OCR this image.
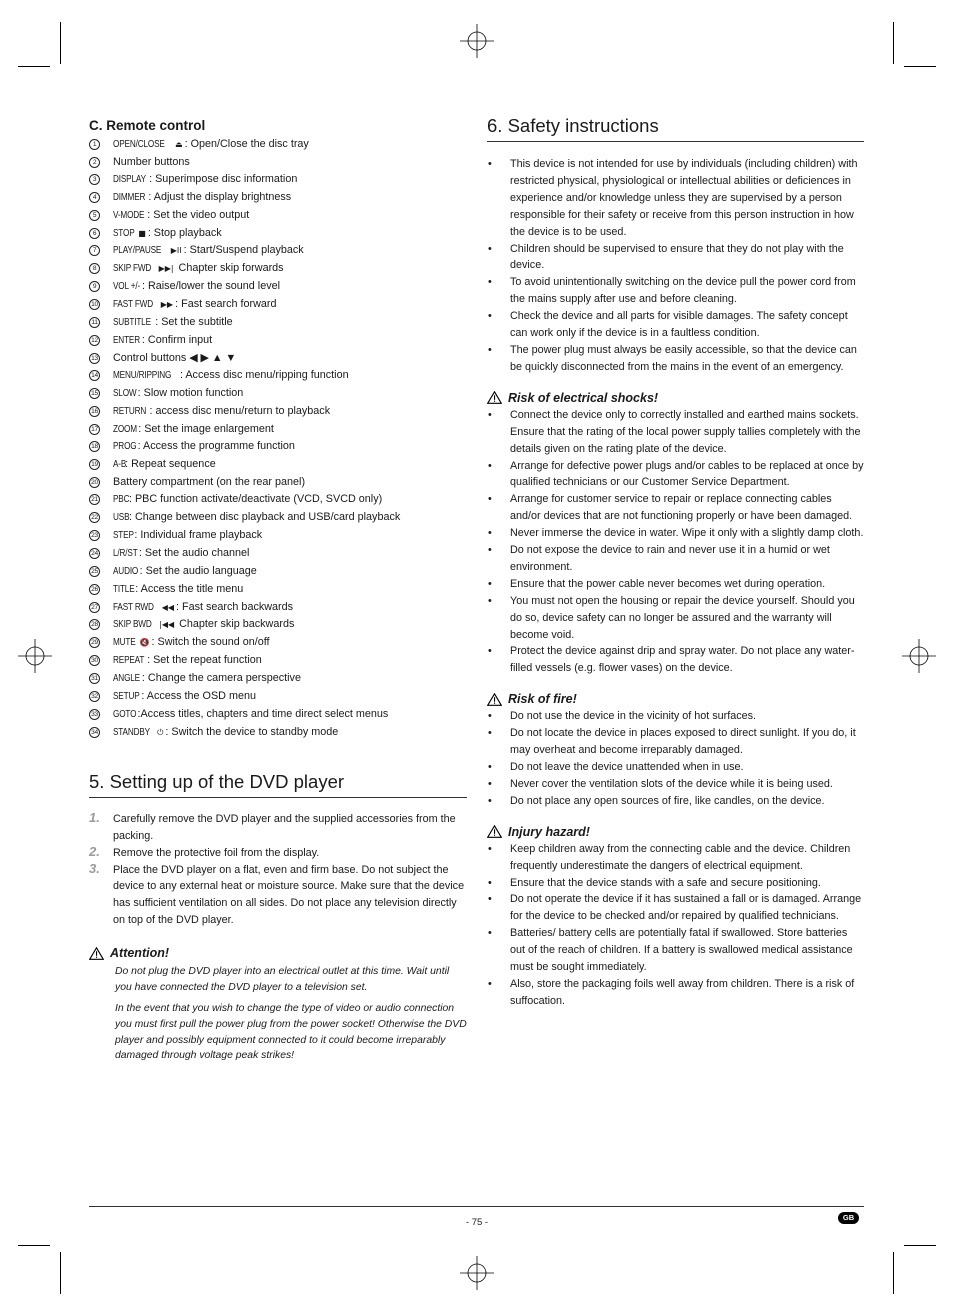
C. Remote control
1	OPEN/CLOSE ⏏ : Open/Close the disc tray
2	Number buttons
3	DISPLAY : Superimpose disc information
4	DIMMER : Adjust the display brightness
5	V-MODE : Set the video output
6	STOP ■ : Stop playback
7	PLAY/PAUSE ▶II : Start/Suspend playback
8	SKIP FWD ▶▶| Chapter skip forwards
9	VOL +/- : Raise/lower the sound level
10 FAST FWD ▶▶ : Fast search forward
11 SUBTITLE : Set the subtitle
12 ENTER : Confirm input
13 Control buttons ◀ ▶ ▲ ▼
14 MENU/RIPPING : Access disc menu/ripping function
15 SLOW: Slow motion function
16 RETURN : access disc menu/return to playback
17 ZOOM: Set the image enlargement
18 PROG: Access the programme function
19 A-B: Repeat sequence
20 Battery compartment (on the rear panel)
21 PBC: PBC function activate/deactivate (VCD, SVCD only)
22 USB: Change between disc playback and USB/card playback
23 STEP: Individual frame playback
24 L/R/ST: Set the audio channel
25 AUDIO : Set the audio language
26 TITLE: Access the title menu
27 FAST RWD ◀◀ : Fast search backwards
28 SKIP BWD |◀◀ Chapter skip backwards
29 MUTE 🔇 : Switch the sound on/off
30 REPEAT : Set the repeat function
31 ANGLE : Change the camera perspective
32 SETUP : Access the OSD menu
33 GOTO:Access titles, chapters and time direct select menus
34 STANDBY ⏻ : Switch the device to standby mode
5. Setting up of the DVD player
1. Carefully remove the DVD player and the supplied accessories from the packing.
2. Remove the protective foil from the display.
3. Place the DVD player on a flat, even and firm base. Do not subject the device to any external heat or moisture source. Make sure that the device has sufficient ventilation on all sides. Do not place any television directly on top of the DVD player.
Attention!

Do not plug the DVD player into an electrical outlet at this time. Wait until you have connected the DVD player to a television set.

In the event that you wish to change the type of video or audio connection you must first pull the power plug from the power socket! Otherwise the DVD player and possibly equipment connected to it could become irreparably damaged through voltage peak strikes!

6. Safety instructions
• This device is not intended for use by individuals (including children) with restricted physical, physiological or intellectual abilities or deficiences in experience and/or knowledge unless they are supervised by a person responsible for their safety or receive from this person instruction in how the device is to be used.
• Children should be supervised to ensure that they do not play with the device.
• To avoid unintentionally switching on the device pull the power cord from the mains supply after use and before cleaning.
• Check the device and all parts for visible damages. The safety concept can work only if the device is in a faultless condition.
• The power plug must always be easily accessible, so that the device can be quickly disconnected from the mains in the event of an emergency.
Risk of electrical shocks!
• Connect the device only to correctly installed and earthed mains sockets. Ensure that the rating of the local power supply tallies completely with the details given on the rating plate of the device.
• Arrange for defective power plugs and/or cables to be replaced at once by qualified technicians or our Customer Service Department.
• Arrange for customer service to repair or replace connecting cables and/or devices that are not functioning properly or have been damaged.
• Never immerse the device in water. Wipe it only with a slightly damp cloth.
• Do not expose the device to rain and never use it in a humid or wet environment.
• Ensure that the power cable never becomes wet during operation.
• You must not open the housing or repair the device yourself. Should you do so, device safety can no longer be assured and the warranty will become void.
• Protect the device against drip and spray water. Do not place any water-filled vessels (e.g. flower vases) on the device.
Risk of fire!
• Do not use the device in the vicinity of hot surfaces.
• Do not locate the device in places exposed to direct sunlight. If you do, it may overheat and become irreparably damaged.
• Do not leave the device unattended when in use.
• Never cover the ventilation slots of the device while it is being used.
• Do not place any open sources of fire, like candles, on the device.
Injury hazard!
• Keep children away from the connecting cable and the device. Children frequently underestimate the dangers of electrical equipment.
• Ensure that the device stands with a safe and secure positioning.
• Do not operate the device if it has sustained a fall or is damaged. Arrange for the device to be checked and/or repaired by qualified technicians.
• Batteries/ battery cells are potentially fatal if swallowed. Store batteries out of the reach of children. If a battery is swallowed medical assistance must be sought immediately.
• Also, store the packaging foils well away from children. There is a risk of suffocation.
- 75 -	GB
